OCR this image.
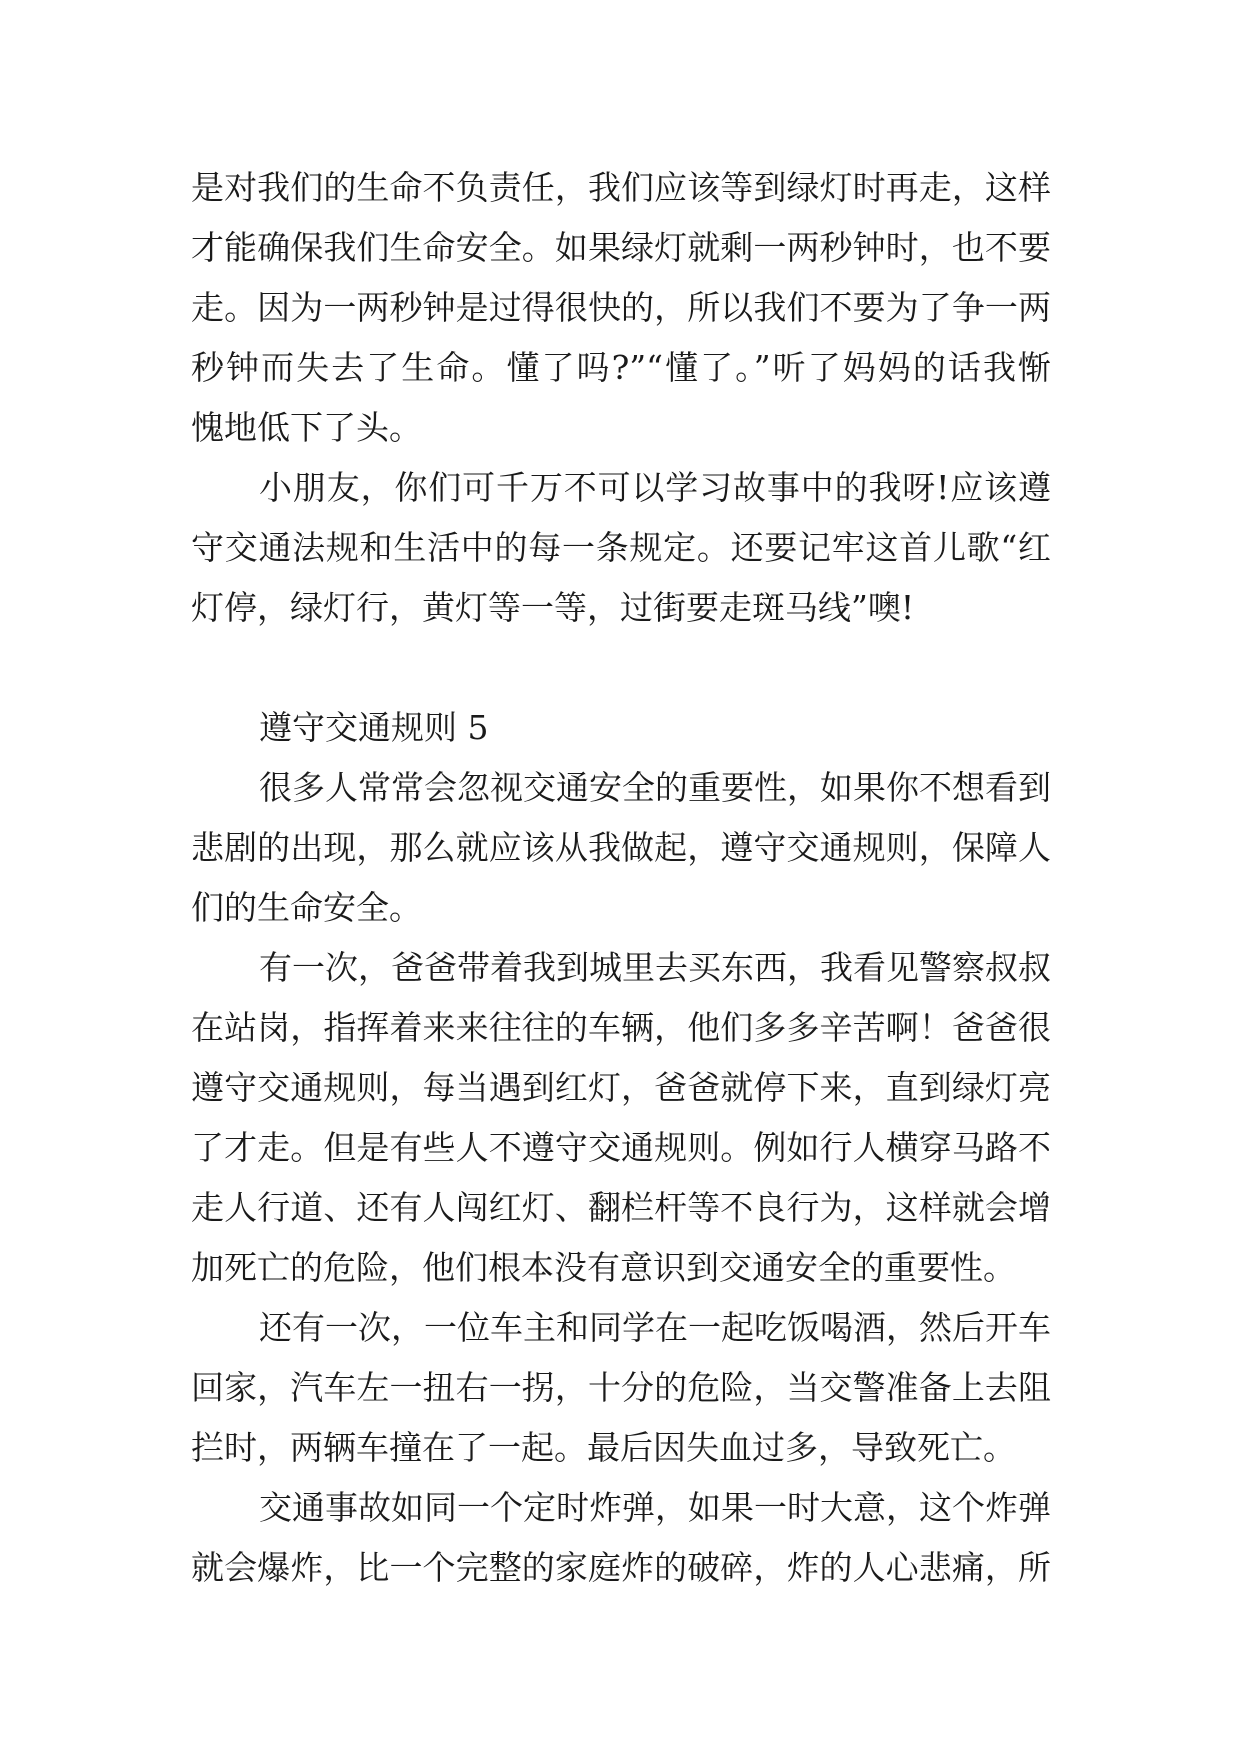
是对我们的生命不负责任，我们应该等到绿灯时再走，这样
才能确保我们生命安全。如果绿灯就剩一两秒钟时，也不要
走。因为一两秒钟是过得很快的，所以我们不要为了争一两
秒钟而失去了生命。懂了吗?”“懂了。”听了妈妈的话我惭
愧地低下了头。
小朋友，你们可千万不可以学习故事中的我呀!应该遵
守交通法规和生活中的每一条规定。还要记牢这首儿歌“红
灯停，绿灯行，黄灯等一等，过街要走斑马线”噢!
遵守交通规则 5
很多人常常会忽视交通安全的重要性，如果你不想看到
悲剧的出现，那么就应该从我做起，遵守交通规则，保障人
们的生命安全。
有一次，爸爸带着我到城里去买东西，我看见警察叔叔
在站岗，指挥着来来往往的车辆，他们多多辛苦啊！爸爸很
遵守交通规则，每当遇到红灯，爸爸就停下来，直到绿灯亮
了才走。但是有些人不遵守交通规则。例如行人横穿马路不
走人行道、还有人闯红灯、翻栏杆等不良行为，这样就会增
加死亡的危险，他们根本没有意识到交通安全的重要性。
还有一次，一位车主和同学在一起吃饭喝酒，然后开车
回家，汽车左一扭右一拐，十分的危险，当交警准备上去阻
拦时，两辆车撞在了一起。最后因失血过多，导致死亡。
交通事故如同一个定时炸弹，如果一时大意，这个炸弹
就会爆炸，比一个完整的家庭炸的破碎，炸的人心悲痛，所
